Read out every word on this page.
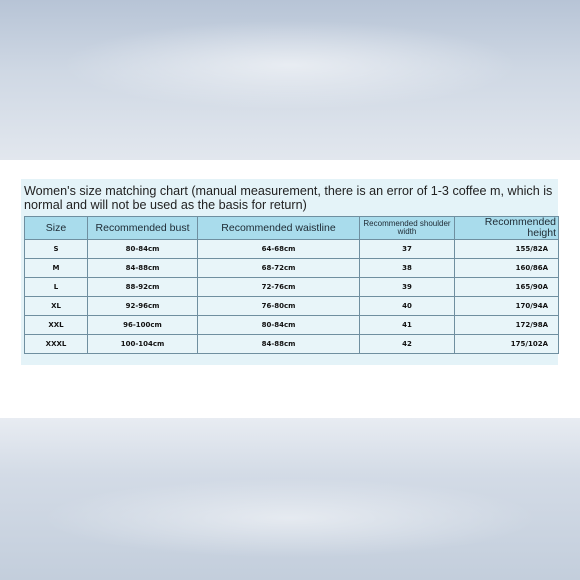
Women's size matching chart (manual measurement, there is an error of 1-3 coffee m, which is normal and will not be used as the basis for return)
Size	Recommended bust	Recommended waistline	Recommended shoulder width	Recommended height
S	80-84cm	64-68cm	37	155/82A
M	84-88cm	68-72cm	38	160/86A
L	88-92cm	72-76cm	39	165/90A
XL	92-96cm	76-80cm	40	170/94A
XXL	96-100cm	80-84cm	41	172/98A
XXXL	100-104cm	84-88cm	42	175/102A
